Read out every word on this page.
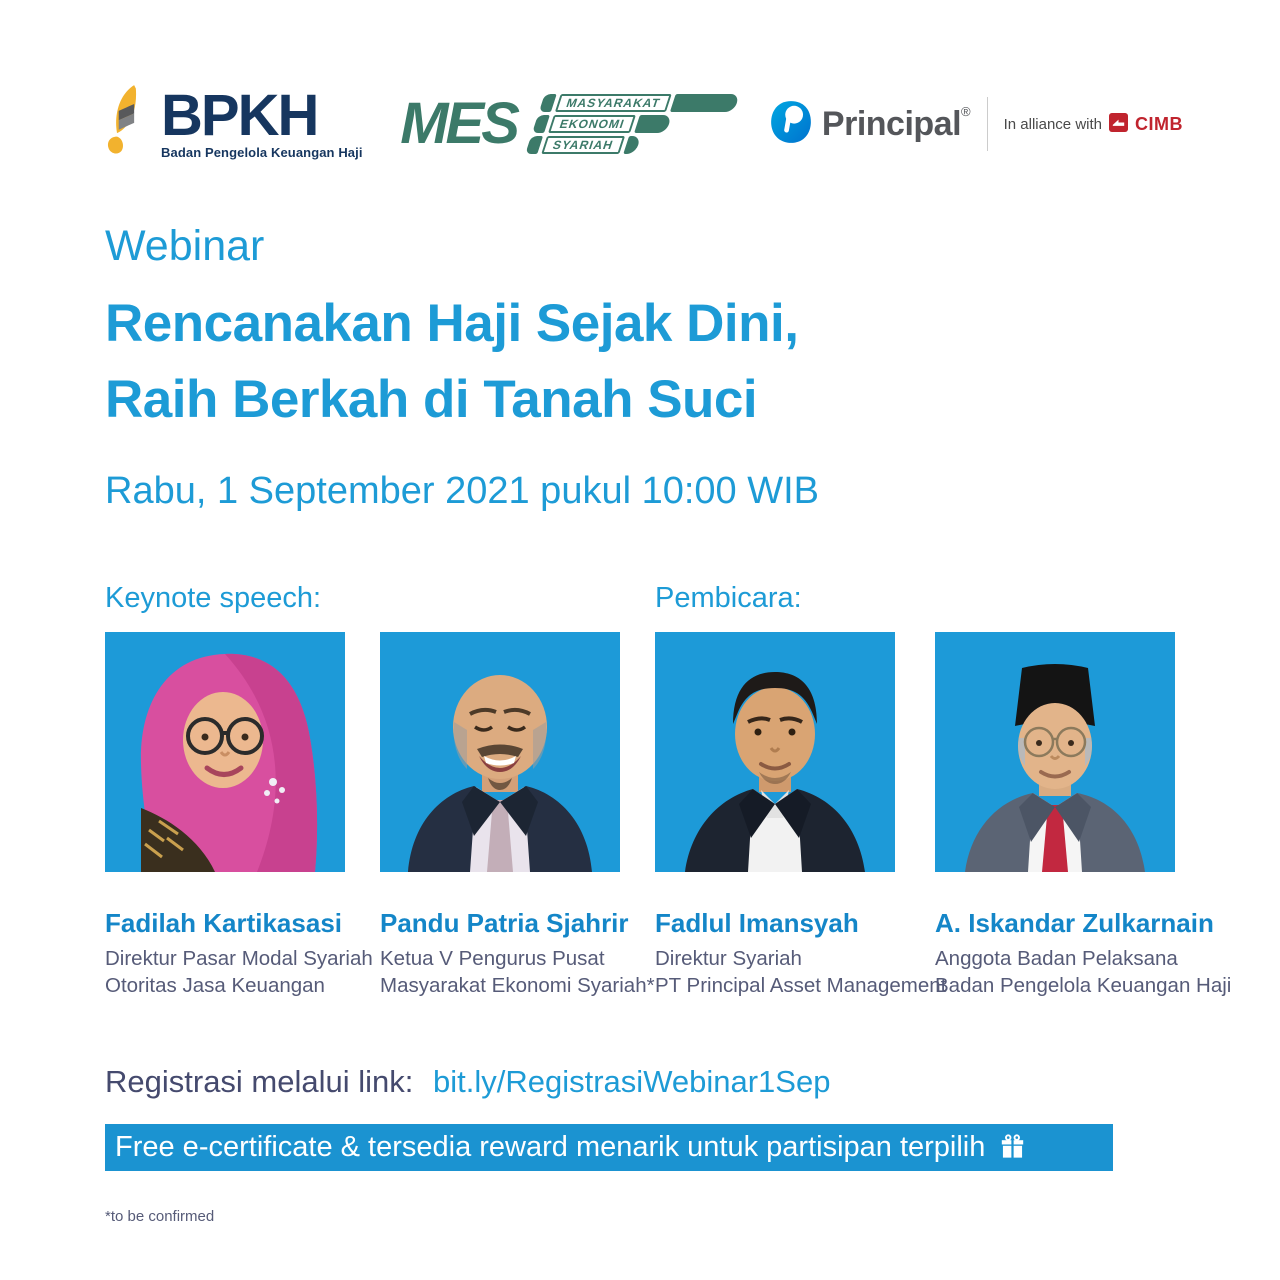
BPKH
Badan Pengelola Keuangan Haji MES	MASYARAKAT
EKONOMI
SYARIAH
Principal®
In alliance with CIMB
Webinar
Rencanakan Haji Sejak Dini,
Raih Berkah di Tanah Suci
Rabu, 1 September 2021 pukul 10:00 WIB
Keynote speech:	Pembicara:
Fadilah Kartikasasi
Direktur Pasar Modal Syariah
Otoritas Jasa Keuangan
Pandu Patria Sjahrir
Ketua V Pengurus Pusat
Masyarakat Ekonomi Syariah*
Fadlul Imansyah
Direktur Syariah
PT Principal Asset Management
A. Iskandar Zulkarnain
Anggota Badan Pelaksana
Badan Pengelola Keuangan Haji
Registrasi melalui link: bit.ly/RegistrasiWebinar1Sep
Free e-certificate & tersedia reward menarik untuk partisipan terpilih
*to be confirmed
